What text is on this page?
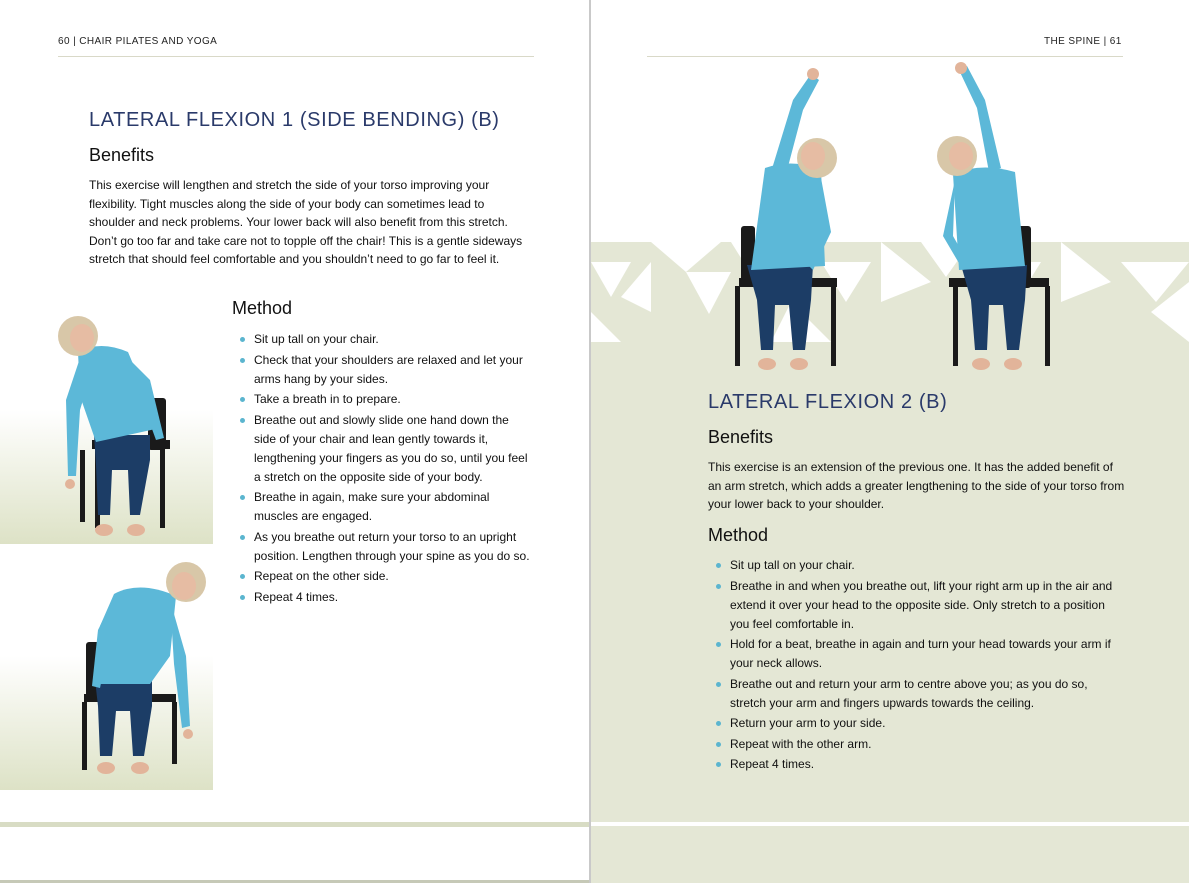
60 | CHAIR PILATES AND YOGA
LATERAL FLEXION 1 (SIDE BENDING) (B)
Benefits
This exercise will lengthen and stretch the side of your torso improving your flexibility. Tight muscles along the side of your body can sometimes lead to shoulder and neck problems. Your lower back will also benefit from this stretch. Don’t go too far and take care not to topple off the chair! This is a gentle sideways stretch that should feel comfortable and you shouldn’t need to go far to feel it.
Method
Sit up tall on your chair.
Check that your shoulders are relaxed and let your arms hang by your sides.
Take a breath in to prepare.
Breathe out and slowly slide one hand down the side of your chair and lean gently towards it, lengthening your fingers as you do so, until you feel a stretch on the opposite side of your body.
Breathe in again, make sure your abdominal muscles are engaged.
As you breathe out return your torso to an upright position. Lengthen through your spine as you do so.
Repeat on the other side.
Repeat 4 times.
THE SPINE | 61
LATERAL FLEXION 2 (B)
Benefits
This exercise is an extension of the previous one. It has the added benefit of an arm stretch, which adds a greater lengthening to the side of your torso from your lower back to your shoulder.
Method
Sit up tall on your chair.
Breathe in and when you breathe out, lift your right arm up in the air and extend it over your head to the opposite side. Only stretch to a position you feel comfortable in.
Hold for a beat, breathe in again and turn your head towards your arm if your neck allows.
Breathe out and return your arm to centre above you; as you do so, stretch your arm and fingers upwards towards the ceiling.
Return your arm to your side.
Repeat with the other arm.
Repeat 4 times.
